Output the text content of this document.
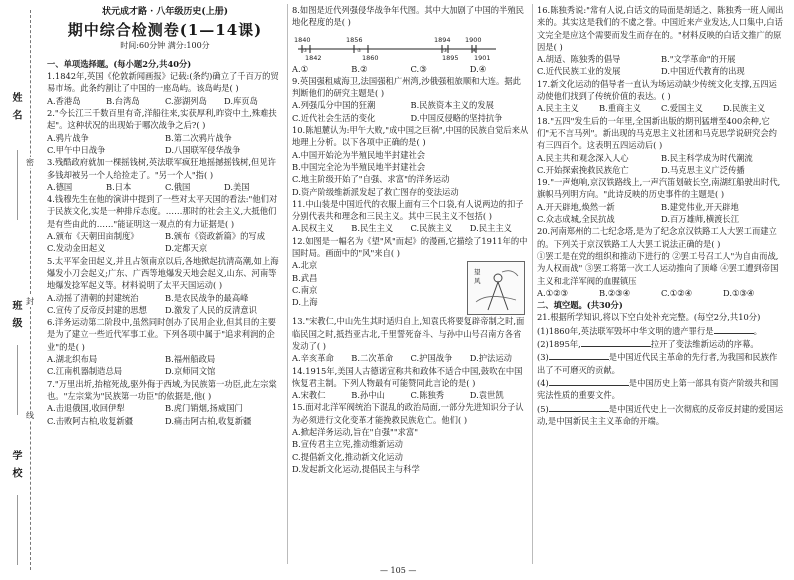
姓 名
班 级
学 校
密
封
线
状元成才路 · 八年级历史(上册)
期中综合检测卷(1—14课)
时间:60分钟 满分:100分

一、单项选择题。(每小题2分,共40分)

1.1842年,英国《伦敦新闻画报》记载:(条约)确立了千百万的贸易市场。此条约割让了中国的一座岛屿。该岛屿是( )

A.香港岛	B.台湾岛	C.澎湖列岛	D.库页岛

2."今长江三千数百里有奇,洋船往来,实获厚利,昨资中土,殊难扶起"。这种状况的出现始于哪次战争之后?( )

A.鸦片战争	B.第二次鸦片战争
C.甲午中日战争	D.八国联军侵华战争

3.残酷政府就加一棵摇钱树,英法联军疯狂地摇撼摇钱树,但见许多钱却被另一个人给捡走了。"另一个人"指( )

A.德国	B.日本	C.俄国	D.美国

4.钱穆先生在他的演讲中提到了一些对太平天国的看法:"他们对于民族文化,实是一种排斥态度。……那时的社会主义,大抵他们是有些由此的……"能证明这一观点的有力证据是( )

A.颁布《天朝田亩制度》	B.颁布《资政新篇》的写成
C.发动金田起义	D.定都天京

5.太平军金田起义,并且占领南京以后,各地掀起抗清高潮,如上海爆发小刀会起义;广东、广西等地爆发天地会起义,山东、河南等地爆发捻军起义等。材料说明了太平天国运动( )

A.动摇了清朝的封建统治	B.是农民战争的最高峰
C.宣传了反帝反封建的思想	D.激发了人民的反清意识

6.洋务运动第二阶段中,虽然同时创办了民用企业,但其目的主要是为了建立一些近代军事工业。下列各项中属于"追求利润的企业"的是( )

A.湖北织布局	B.福州船政局
C.江南机器制造总局	D.京师同文馆

7."万里出圻,抬棺死战,驱外侮于西域,为民族第一功臣,此左宗棠也。"左宗棠为"民族第一功臣"的依据是,他( )

A.击退俄国,收回伊犁	B.虎门销烟,扬威国门
C.击败阿古柏,收复新疆	D.痛击阿古柏,收复新疆

8.如图是近代列强侵华战争年代图。其中大加剧了中国的半殖民地化程度的是( )

1840
1842
1856
1860
1894
1895
1900
1901
①	②	③	④
A.①	B.②	C.③	D.④

9.英国强租威海卫,法国强租广州湾,沙俄强租旅顺和大连。据此判断他们的研究主题是( )

A.列强瓜分中国的狂潮	B.民族资本主义的发展
C.近代社会生活的变化	D.中国反侵略的坚持抗争

10.陈旭麓认为:甲午大败,"成中国之巨祸",中国的民族自觉后来从地理上分析。以下各项中正确的是( )

A.中国开始沦为半殖民地半封建社会
B.中国完全沦为半殖民地半封建社会
C.地主阶级开始了"自强、求富"的洋务运动
D.资产阶级维新派发起了救亡图存的变法运动

11.中山装是中国近代的衣服上面有三个口袋,有人说两边的扣子分别代表共和理念和三民主义。其中三民主义不包括( )

A.民权主义	B.民生主义	C.民族主义	D.民主主义

12.如图是一幅名为《望"风"而起》的漫画,它描绘了1911年的中国时局。画面中的"风"来自( )

望
风
A.北京
B.武昌
C.南京
D.上海

13."宋教仁,中山先生其时适归自上,知袁氏将要复辟帝制之时,面临民国之时,抵挡亚古北,千里誓死奋斗、与孙中山号召南方各省发动了( )

A.辛亥革命	B.二次革命	C.护国战争	D.护法运动

14.1915年,美国人古德诺宣称共和政体不适合中国,鼓吹在中国恢复君主制。下列人物最有可能赞同此言论的是( )

A.宋教仁	B.孙中山	C.陈独秀	D.袁世凯

15.面对北洋军阀统治下混乱的政治局面,一部分先进知识分子认为必须进行文化变革才能挽救民族危亡。他们( )

A.掀起洋务运动,旨在"自强""求富"
B.宣传君主立宪,推动维新运动
C.提倡新文化,推动新文化运动
D.发起新文化运动,提倡民主与科学

16.陈独秀说:"常有人说,白话文的局面是胡适之、陈独秀一班人闹出来的。其实这是我们的不虞之誉。中国近来产业发达,人口集中,白话文完全是应这个需要而发生而存在的。"材料反映的白话文推广的原因是( )

A.胡适、陈独秀的倡导	B."文学革命"的开展
C.近代民族工业的发展	D.中国近代教育的出现

17.新文化运动的倡导者一直认为场运动缺少传统文化支撑,五四运动使他们找到了传统价值的表达。( )

A.民主主义	B.重商主义	C.爱国主义	D.民族主义

18."五四"发生后的一年里,全国新出版的期刊猛增至400余种,它们"无不言马列"。新出现的马克思主义社团和马克思学说研究会约有三四百个。这表明五四运动后( )

A.民主共和观念深入人心	B.民主科学成为时代潮流
C.开始探索挽救民族危亡	D.马克思主义广泛传播

19."一声炮响,京汉铁路线上,一声汽笛划破长空,南湖红船驶出时代,旗帜马列明方向。"此诗反映的历史事件的主题是( )

A.开天辟地,焕然一新	B.建党伟业,开天辟地
C.众志成城,全民抗战	D.百万雄师,横渡长江

20.河南郑州的二七纪念塔,是为了纪念京汉铁路工人大罢工而建立的。下列关于京汉铁路工人大罢工说法正确的是( )

①罢工是在党的组织和推动下进行的 ②罢工号召工人"为自由而战,为人权而战" ③罢工将第一次工人运动推向了顶峰 ④罢工遭到帝国主义和北洋军阀的血腥镇压

A.①②③	B.②③④	C.①②④	D.①③④

二、填空题。(共30分)

21.根据所学知识,将以下空白处补充完整。(每空2分,共10分)

(1)1860年,英法联军毁坏中华文明的遗产罪行是	。

(2)1895年,	拉开了变法维新运动的序幕。

(3)	是中国近代民主革命的先行者,为我国和民族作出了不可磨灭的贡献。

(4)	是中国历史上第一部具有资产阶级共和国宪法性质的重要文件。

(5)	是中国近代史上一次彻底的反帝反封建的爱国运动,是中国新民主主义革命的开端。

— 105 —
